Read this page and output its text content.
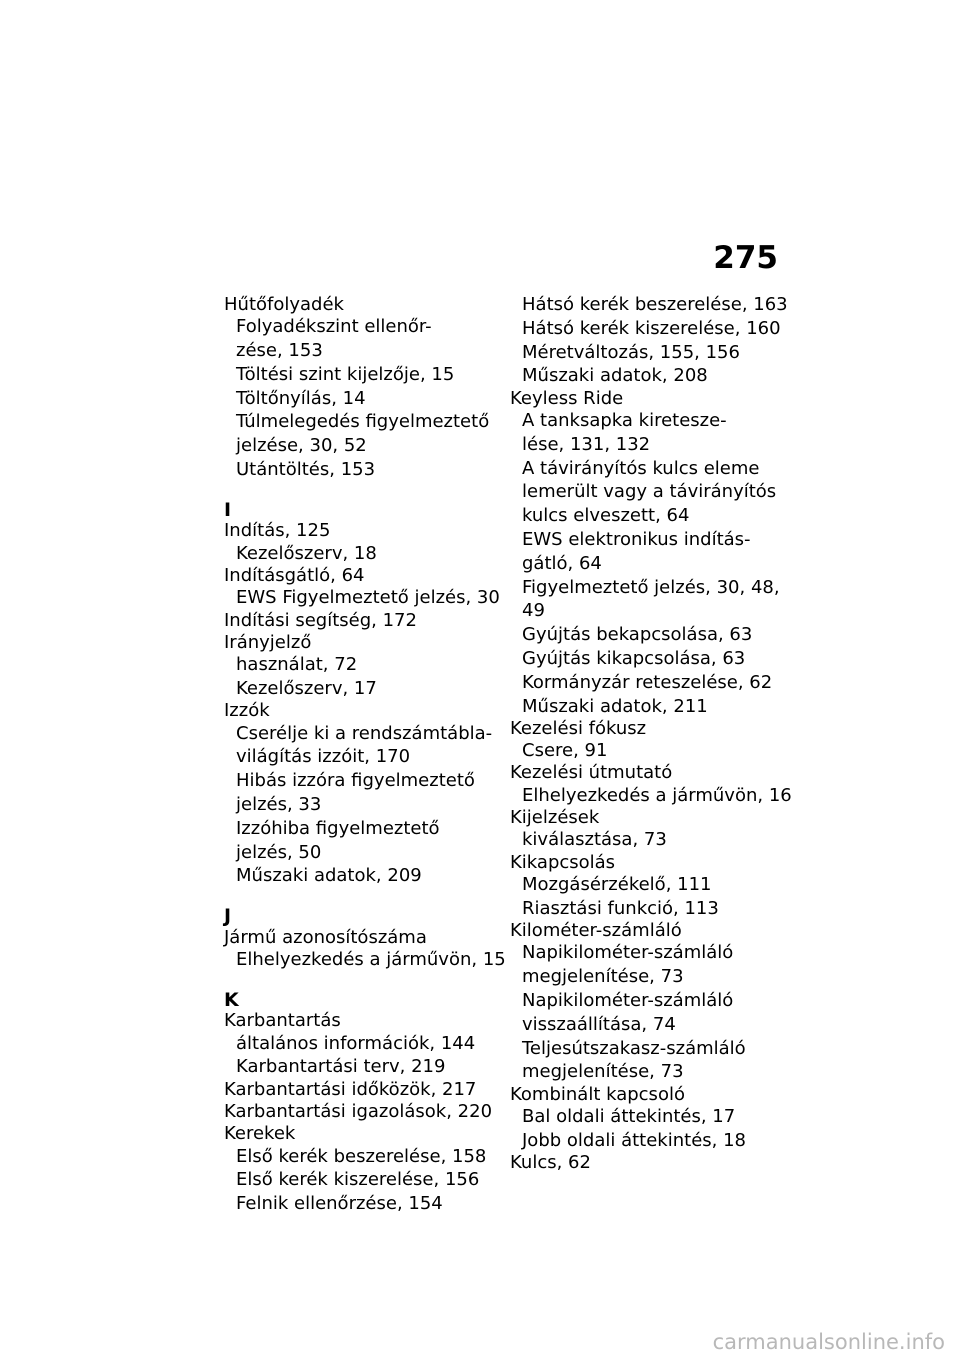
275
Hűtőfolyadék
Folyadékszint ellenőr-
zése, 153
Töltési szint kijelzője, 15
Töltőnyílás, 14
Túlmelegedés figyelmeztető
jelzése, 30, 52
Utántöltés, 153
I
Indítás, 125
Kezelőszerv, 18
Indításgátló, 64
EWS Figyelmeztető jelzés, 30
Indítási segítség, 172
Irányjelző
használat, 72
Kezelőszerv, 17
Izzók
Cserélje ki a rendszámtábla-
világítás izzóit, 170
Hibás izzóra figyelmeztető
jelzés, 33
Izzóhiba figyelmeztető
jelzés, 50
Műszaki adatok, 209
J
Jármű azonosítószáma
Elhelyezkedés a járművön, 15
K
Karbantartás
általános információk, 144
Karbantartási terv, 219
Karbantartási időközök, 217
Karbantartási igazolások, 220
Kerekek
Első kerék beszerelése, 158
Első kerék kiszerelése, 156
Felnik ellenőrzése, 154
Hátsó kerék beszerelése, 163
Hátsó kerék kiszerelése, 160
Méretváltozás, 155, 156
Műszaki adatok, 208
Keyless Ride
A tanksapka kiretesze-
lése, 131, 132
A távirányítós kulcs eleme
lemerült vagy a távirányítós
kulcs elveszett, 64
EWS elektronikus indítás-
gátló, 64
Figyelmeztető jelzés, 30, 48,
49
Gyújtás bekapcsolása, 63
Gyújtás kikapcsolása, 63
Kormányzár reteszelése, 62
Műszaki adatok, 211
Kezelési fókusz
Csere, 91
Kezelési útmutató
Elhelyezkedés a járművön, 16
Kijelzések
kiválasztása, 73
Kikapcsolás
Mozgásérzékelő, 111
Riasztási funkció, 113
Kilométer-számláló
Napikilométer-számláló
megjelenítése, 73
Napikilométer-számláló
visszaállítása, 74
Teljesútszakasz-számláló
megjelenítése, 73
Kombinált kapcsoló
Bal oldali áttekintés, 17
Jobb oldali áttekintés, 18
Kulcs, 62
carmanualsonline.info
